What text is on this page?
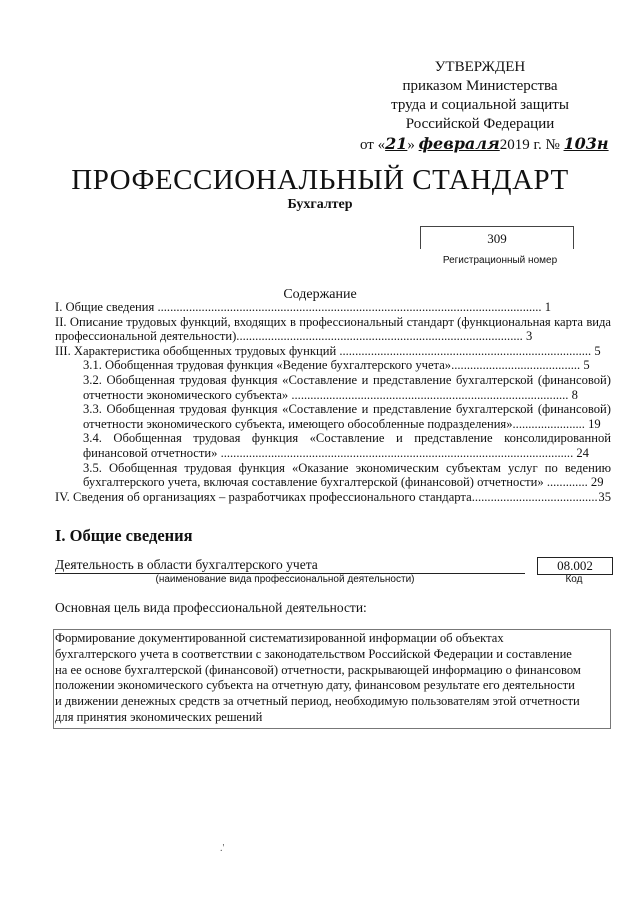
УТВЕРЖДЕН
приказом Министерства
труда и социальной защиты
Российской Федерации
от «21» февраля2019 г. № 103н
ПРОФЕССИОНАЛЬНЫЙ СТАНДАРТ
Бухгалтер
309
Регистрационный номер
Содержание
I. Общие сведения .......................................................................................................................... 1
II. Описание трудовых функций, входящих в профессиональный стандарт (функциональная карта вида профессиональной деятельности)........................................................................................... 3
III. Характеристика обобщенных трудовых функций ................................................................................ 5
3.1. Обобщенная трудовая функция «Ведение бухгалтерского учета»......................................... 5
3.2. Обобщенная трудовая функция «Составление и представление бухгалтерской (финансовой) отчетности экономического субъекта» ........................................................................................ 8
3.3. Обобщенная трудовая функция «Составление и представление бухгалтерской (финансовой) отчетности экономического субъекта, имеющего обособленные подразделения»....................... 19
3.4. Обобщенная трудовая функция «Составление и представление консолидированной финансовой отчетности» ................................................................................................................ 24
3.5. Обобщенная трудовая функция «Оказание экономическим субъектам услуг по ведению бухгалтерского учета, включая составление бухгалтерской (финансовой) отчетности» ............. 29
IV. Сведения об организациях – разработчиках профессионального стандарта .....	35
I. Общие сведения
Деятельность в области бухгалтерского учета
(наименование вида профессиональной деятельности)
08.002
Код
Основная цель вида профессиональной деятельности:
Формирование документированной систематизированной информации об объектах
бухгалтерского учета в соответствии с законодательством Российской Федерации и составление
на ее основе бухгалтерской (финансовой) отчетности, раскрывающей информацию о финансовом
положении экономического субъекта на отчетную дату, финансовом результате его деятельности
и движении денежных средств за отчетный период, необходимую пользователям этой отчетности
для принятия экономических решений
.'
